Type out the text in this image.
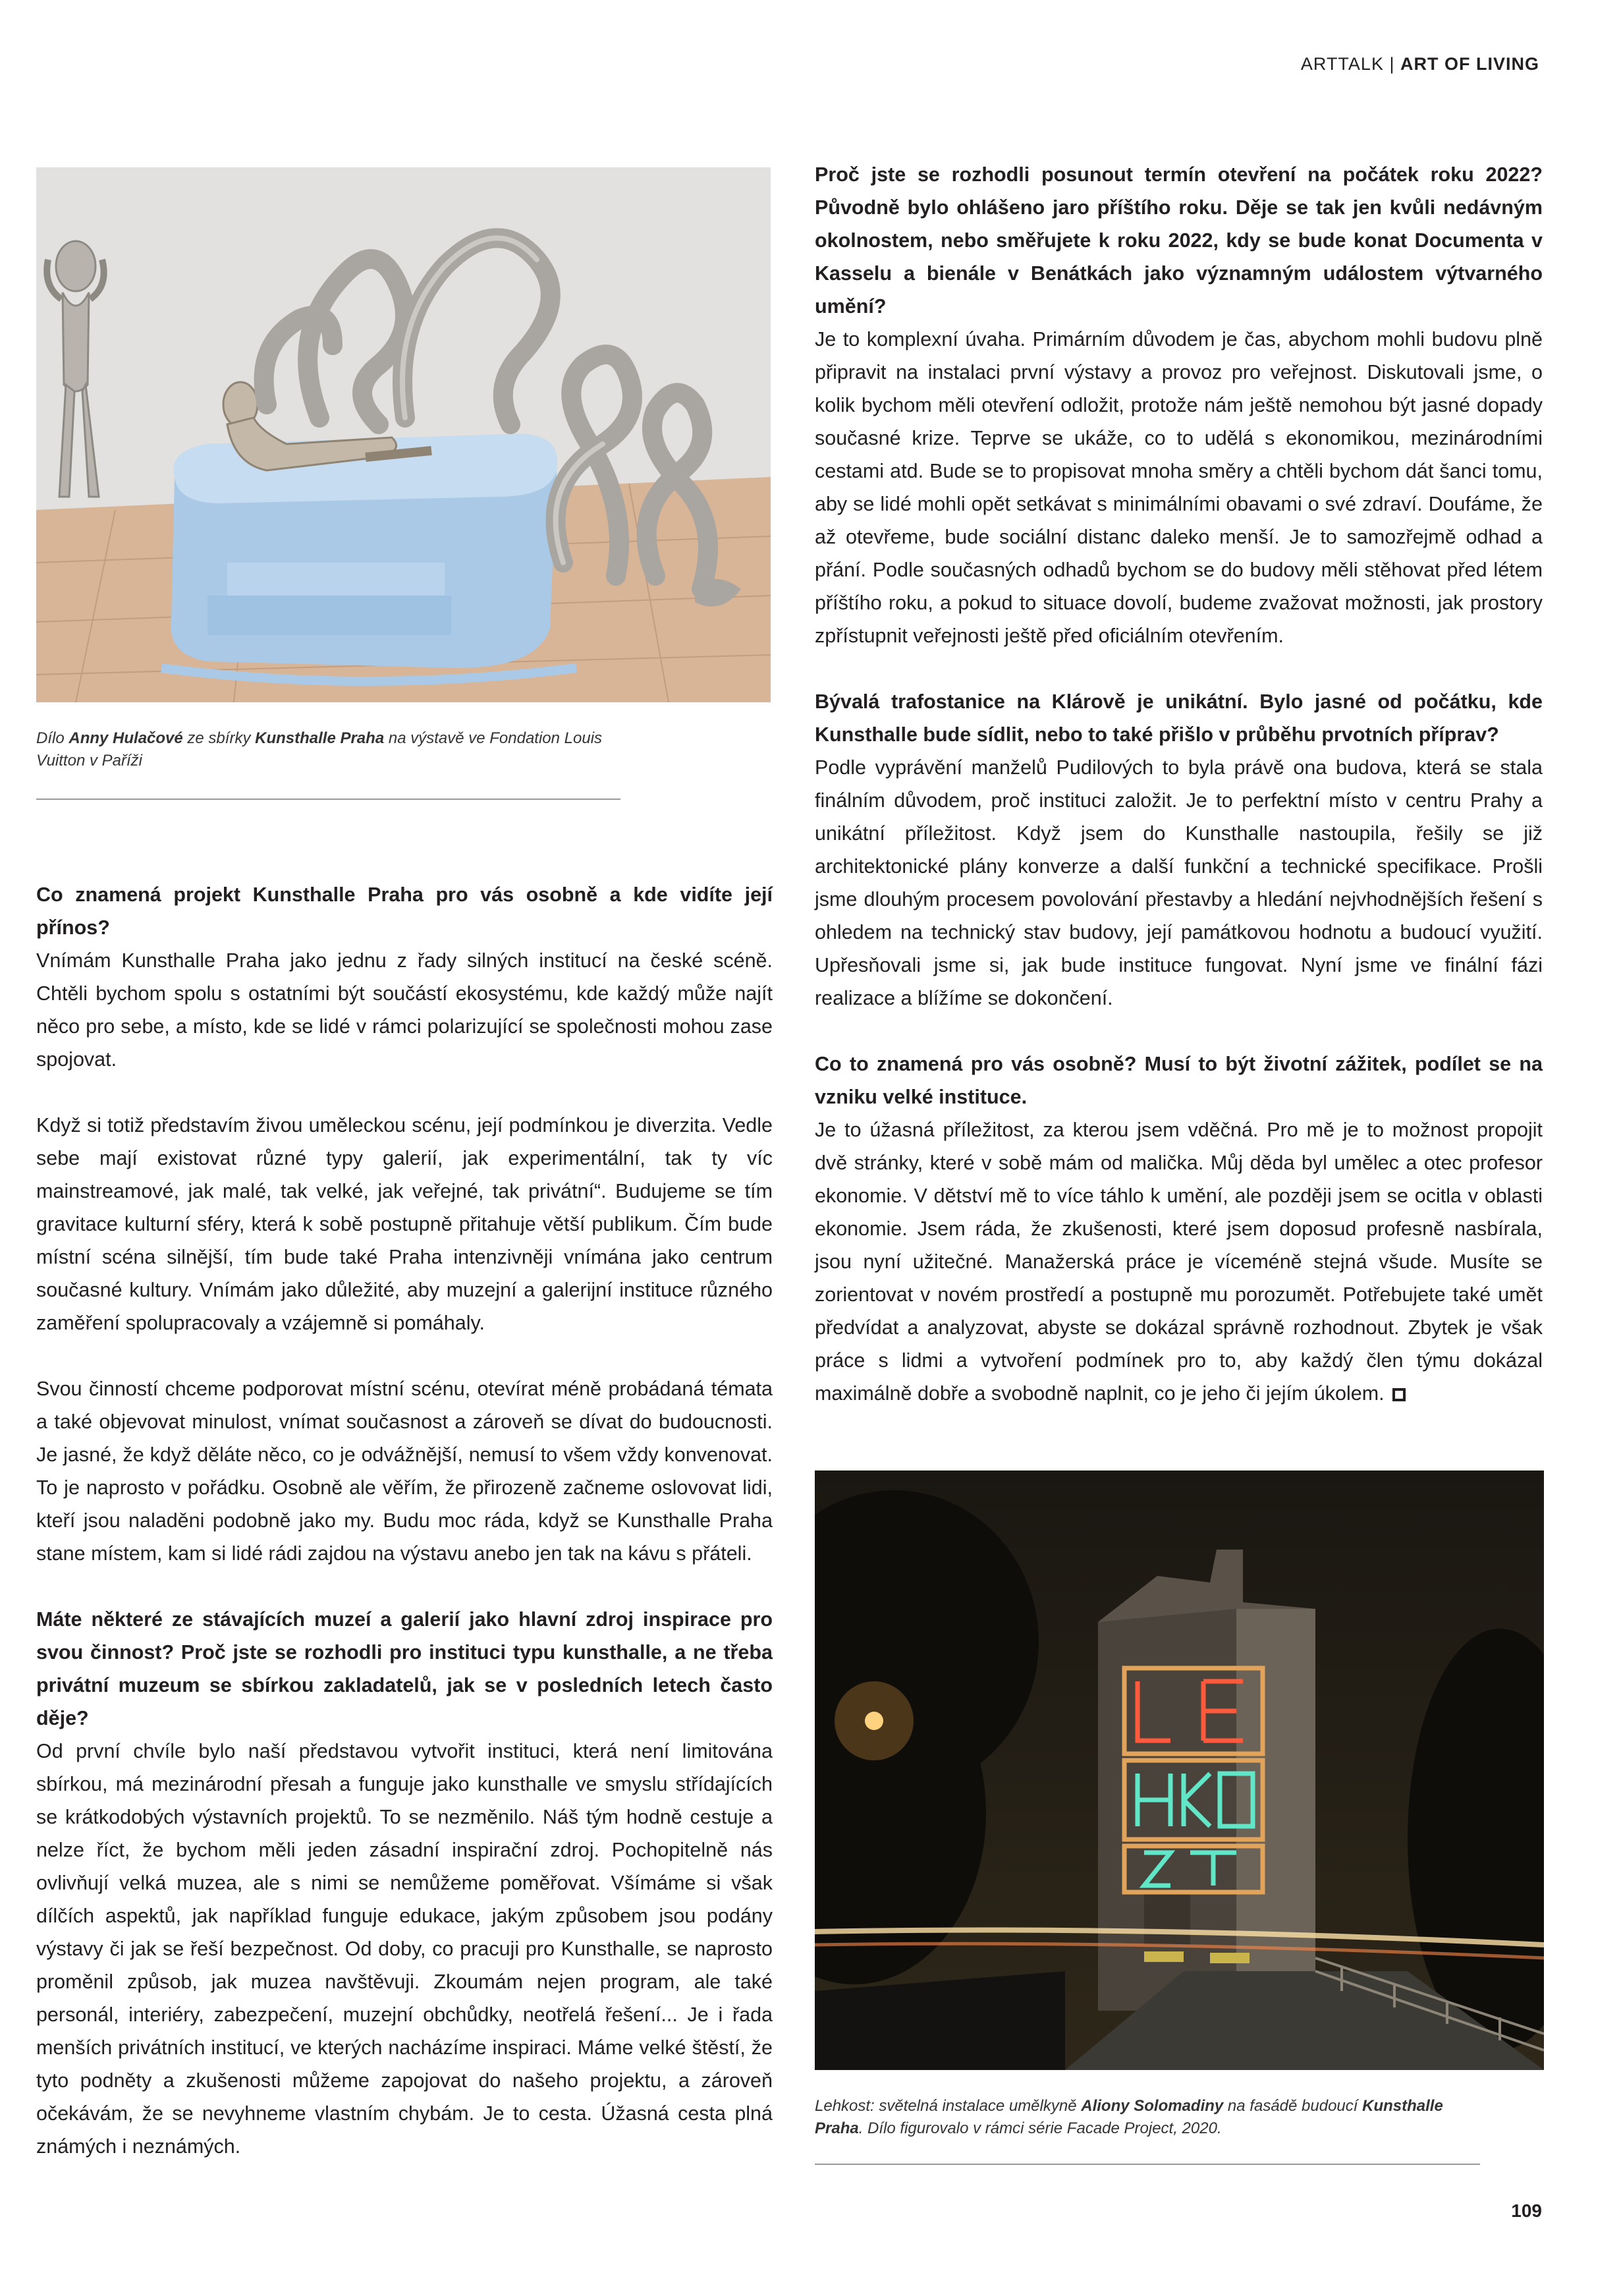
ARTTALK | ART OF LIVING
Dílo Anny Hulačové ze sbírky Kunsthalle Praha na výstavě ve Fondation Louis Vuitton v Paříži
Co znamená projekt Kunsthalle Praha pro vás osobně a kde vidíte její přínos?

Vnímám Kunsthalle Praha jako jednu z řady silných institucí na české scéně. Chtěli bychom spolu s ostatními být součástí ekosystému, kde každý může najít něco pro sebe, a místo, kde se lidé v rámci polarizující se společnosti mohou zase spojovat.

Když si totiž představím živou uměleckou scénu, její podmínkou je diverzita. Vedle sebe mají existovat různé typy galerií, jak experimentální, tak ty víc mainstreamové, jak malé, tak velké, jak veřejné, tak privátní“. Budujeme se tím gravitace kulturní sféry, která k sobě postupně přitahuje větší publikum. Čím bude místní scéna silnější, tím bude také Praha intenzivněji vnímána jako centrum současné kultury. Vnímám jako důležité, aby muzejní a galerijní instituce různého zaměření spolupracovaly a vzájemně si pomáhaly.

Svou činností chceme podporovat místní scénu, otevírat méně probádaná témata a také objevovat minulost, vnímat současnost a zároveň se dívat do budoucnosti. Je jasné, že když děláte něco, co je odvážnější, nemusí to všem vždy konvenovat. To je naprosto v pořádku. Osobně ale věřím, že přirozeně začneme oslovovat lidi, kteří jsou naladěni podobně jako my. Budu moc ráda, když se Kunsthalle Praha stane místem, kam si lidé rádi zajdou na výstavu anebo jen tak na kávu s přáteli.

Máte některé ze stávajících muzeí a galerií jako hlavní zdroj inspirace pro svou činnost? Proč jste se rozhodli pro instituci typu kunsthalle, a ne třeba privátní muzeum se sbírkou zakladatelů, jak se v posledních letech často děje?

Od první chvíle bylo naší představou vytvořit instituci, která není limitována sbírkou, má mezinárodní přesah a funguje jako kunsthalle ve smyslu střídajících se krátkodobých výstavních projektů. To se nezměnilo. Náš tým hodně cestuje a nelze říct, že bychom měli jeden zásadní inspirační zdroj. Pochopitelně nás ovlivňují velká muzea, ale s nimi se nemůžeme poměřovat. Všímáme si však dílčích aspektů, jak například funguje edukace, jakým způsobem jsou podány výstavy či jak se řeší bezpečnost. Od doby, co pracuji pro Kunsthalle, se naprosto proměnil způsob, jak muzea navštěvuji. Zkoumám nejen program, ale také personál, interiéry, zabezpečení, muzejní obchůdky, neotřelá řešení... Je i řada menších privátních institucí, ve kterých nacházíme inspiraci. Máme velké štěstí, že tyto podněty a zkušenosti můžeme zapojovat do našeho projektu, a zároveň očekávám, že se nevyhneme vlastním chybám. Je to cesta. Úžasná cesta plná známých i neznámých.

Proč jste se rozhodli posunout termín otevření na počátek roku 2022? Původně bylo ohlášeno jaro příštího roku. Děje se tak jen kvůli nedávným okolnostem, nebo směřujete k roku 2022, kdy se bude konat Documenta v Kasselu a bienále v Benátkách jako významným událostem výtvarného umění?

Je to komplexní úvaha. Primárním důvodem je čas, abychom mohli budovu plně připravit na instalaci první výstavy a provoz pro veřejnost. Diskutovali jsme, o kolik bychom měli otevření odložit, protože nám ještě nemohou být jasné dopady současné krize. Teprve se ukáže, co to udělá s ekonomikou, mezinárodními cestami atd. Bude se to propisovat mnoha směry a chtěli bychom dát šanci tomu, aby se lidé mohli opět setkávat s minimálními obavami o své zdraví. Doufáme, že až otevřeme, bude sociální distanc daleko menší. Je to samozřejmě odhad a přání. Podle současných odhadů bychom se do budovy měli stěhovat před létem příštího roku, a pokud to situace dovolí, budeme zvažovat možnosti, jak prostory zpřístupnit veřejnosti ještě před oficiálním otevřením.

Bývalá trafostanice na Klárově je unikátní. Bylo jasné od počátku, kde Kunsthalle bude sídlit, nebo to také přišlo v průběhu prvotních příprav?

Podle vyprávění manželů Pudilových to byla právě ona budova, která se stala finálním důvodem, proč instituci založit. Je to perfektní místo v centru Prahy a unikátní příležitost. Když jsem do Kunsthalle nastoupila, řešily se již architektonické plány konverze a další funkční a technické specifikace. Prošli jsme dlouhým procesem povolování přestavby a hledání nejvhodnějších řešení s ohledem na technický stav budovy, její památkovou hodnotu a budoucí využití. Upřesňovali jsme si, jak bude instituce fungovat. Nyní jsme ve finální fázi realizace a blížíme se dokončení.

Co to znamená pro vás osobně? Musí to být životní zážitek, podílet se na vzniku velké instituce.

Je to úžasná příležitost, za kterou jsem vděčná. Pro mě je to možnost propojit dvě stránky, které v sobě mám od malička. Můj děda byl umělec a otec profesor ekonomie. V dětství mě to více táhlo k umění, ale později jsem se ocitla v oblasti ekonomie. Jsem ráda, že zkušenosti, které jsem doposud profesně nasbírala, jsou nyní užitečné. Manažerská práce je víceméně stejná všude. Musíte se zorientovat v novém prostředí a postupně mu porozumět. Potřebujete také umět předvídat a analyzovat, abyste se dokázal správně rozhodnout. Zbytek je však práce s lidmi a vytvoření podmínek pro to, aby každý člen týmu dokázal maximálně dobře a svobodně naplnit, co je jeho či jejím úkolem.

Lehkost: světelná instalace umělkyně Aliony Solomadiny na fasádě budoucí Kunsthalle Praha. Dílo figurovalo v rámci série Facade Project, 2020.
109
